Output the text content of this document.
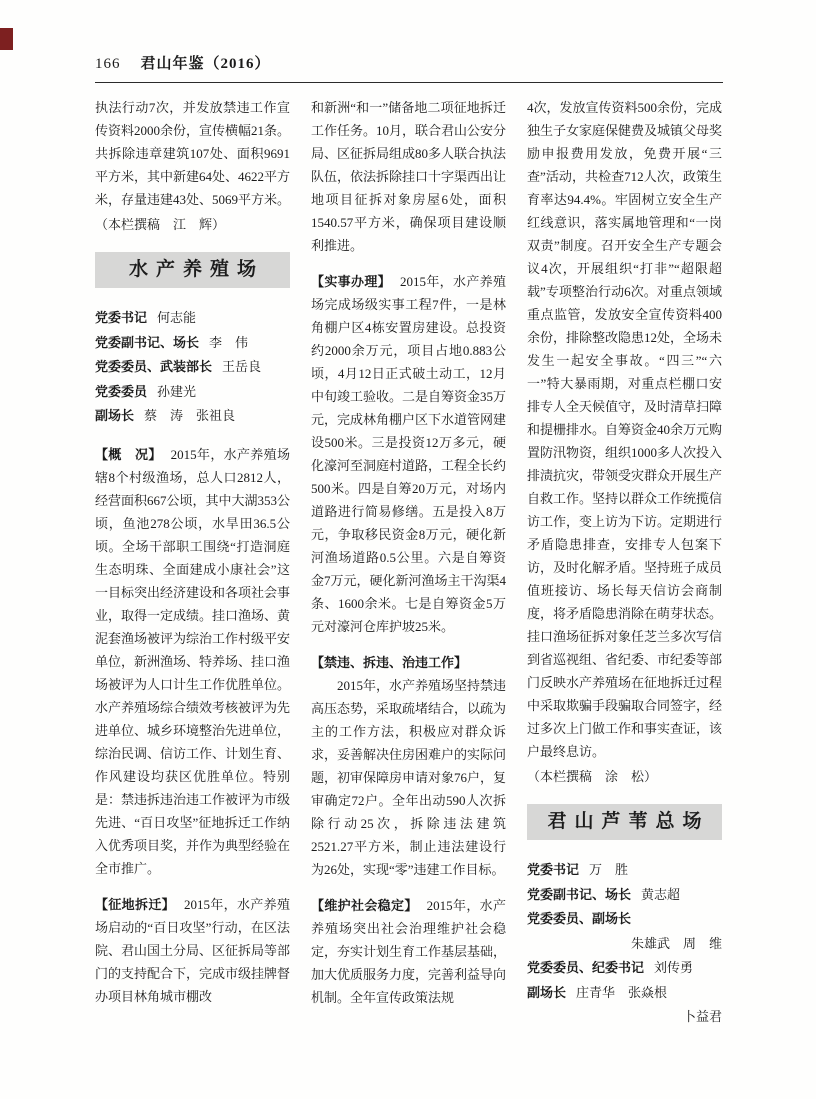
166 君山年鉴（2016）

执法行动7次，并发放禁违工作宣传资料2000余份，宣传横幅21条。共拆除违章建筑107处、面积9691平方米，其中新建64处、4622平方米，存量违建43处、5069平方米。

（本栏撰稿　江　辉）

水产养殖场
党委书记 何志能
党委副书记、场长 李　伟
党委委员、武装部长 王岳良
党委委员 孙建光
副场长 蔡　涛　张祖良

【概　况】 2015年，水产养殖场辖8个村级渔场，总人口2812人，经营面积667公顷，其中大湖353公顷，鱼池278公顷，水旱田36.5公顷。全场干部职工围绕“打造洞庭生态明珠、全面建成小康社会”这一目标突出经济建设和各项社会事业，取得一定成绩。挂口渔场、黄泥套渔场被评为综治工作村级平安单位，新洲渔场、特养场、挂口渔场被评为人口计生工作优胜单位。水产养殖场综合绩效考核被评为先进单位、城乡环境整治先进单位，综治民调、信访工作、计划生育、作风建设均获区优胜单位。特别是：禁违拆违治违工作被评为市级先进、“百日攻坚”征地拆迁工作纳入优秀项目奖，并作为典型经验在全市推广。

【征地拆迁】 2015年，水产养殖场启动的“百日攻坚”行动，在区法院、君山国土分局、区征拆局等部门的支持配合下，完成市级挂牌督办项目林角城市棚改

和新洲“和一”储备地二项征地拆迁工作任务。10月，联合君山公安分局、区征拆局组成80多人联合执法队伍，依法拆除挂口十字渠西出让地项目征拆对象房屋6处，面积1540.57平方米，确保项目建设顺利推进。

【实事办理】 2015年，水产养殖场完成场级实事工程7件，一是林角棚户区4栋安置房建设。总投资约2000余万元，项目占地0.883公顷，4月12日正式破土动工，12月中旬竣工验收。二是自筹资金35万元，完成林角棚户区下水道管网建设500米。三是投资12万多元，硬化濠河至洞庭村道路，工程全长约500米。四是自筹20万元，对场内道路进行简易修缮。五是投入8万元，争取移民资金8万元，硬化新河渔场道路0.5公里。六是自筹资金7万元，硬化新河渔场主干沟渠4条、1600余米。七是自筹资金5万元对濠河仓库护坡25米。

【禁违、拆违、治违工作】
2015年，水产养殖场坚持禁违高压态势，采取疏堵结合，以疏为主的工作方法，积极应对群众诉求，妥善解决住房困难户的实际问题，初审保障房申请对象76户，复审确定72户。全年出动590人次拆除行动25次，拆除违法建筑2521.27平方米，制止违法建设行为26处，实现“零”违建工作目标。

【维护社会稳定】 2015年，水产养殖场突出社会治理维护社会稳定，夯实计划生育工作基层基础，加大优质服务力度，完善利益导向机制。全年宣传政策法规

4次，发放宣传资料500余份，完成独生子女家庭保健费及城镇父母奖励申报费用发放，免费开展“三查”活动，共检查712人次，政策生育率达94.4%。牢固树立安全生产红线意识，落实属地管理和“一岗双责”制度。召开安全生产专题会议4次，开展组织“打非”“超限超载”专项整治行动6次。对重点领域重点监管，发放安全宣传资料400余份，排除整改隐患12处，全场未发生一起安全事故。“四三”“六一”特大暴雨期，对重点栏棚口安排专人全天候值守，及时清草扫障和提栅排水。自筹资金40余万元购置防汛物资，组织1000多人次投入排渍抗灾，带领受灾群众开展生产自救工作。坚持以群众工作统揽信访工作，变上访为下访。定期进行矛盾隐患排查，安排专人包案下访，及时化解矛盾。坚持班子成员值班接访、场长每天信访会商制度，将矛盾隐患消除在萌芽状态。挂口渔场征拆对象任芝兰多次写信到省巡视组、省纪委、市纪委等部门反映水产养殖场在征地拆迁过程中采取欺骗手段骗取合同签字，经过多次上门做工作和事实查证，该户最终息访。

（本栏撰稿　涂　松）

君山芦苇总场
党委书记 万　胜
党委副书记、场长 黄志超
党委委员、副场长
朱雄武　周　维
党委委员、纪委书记 刘传勇
副场长 庄青华　张焱根
卜益君
